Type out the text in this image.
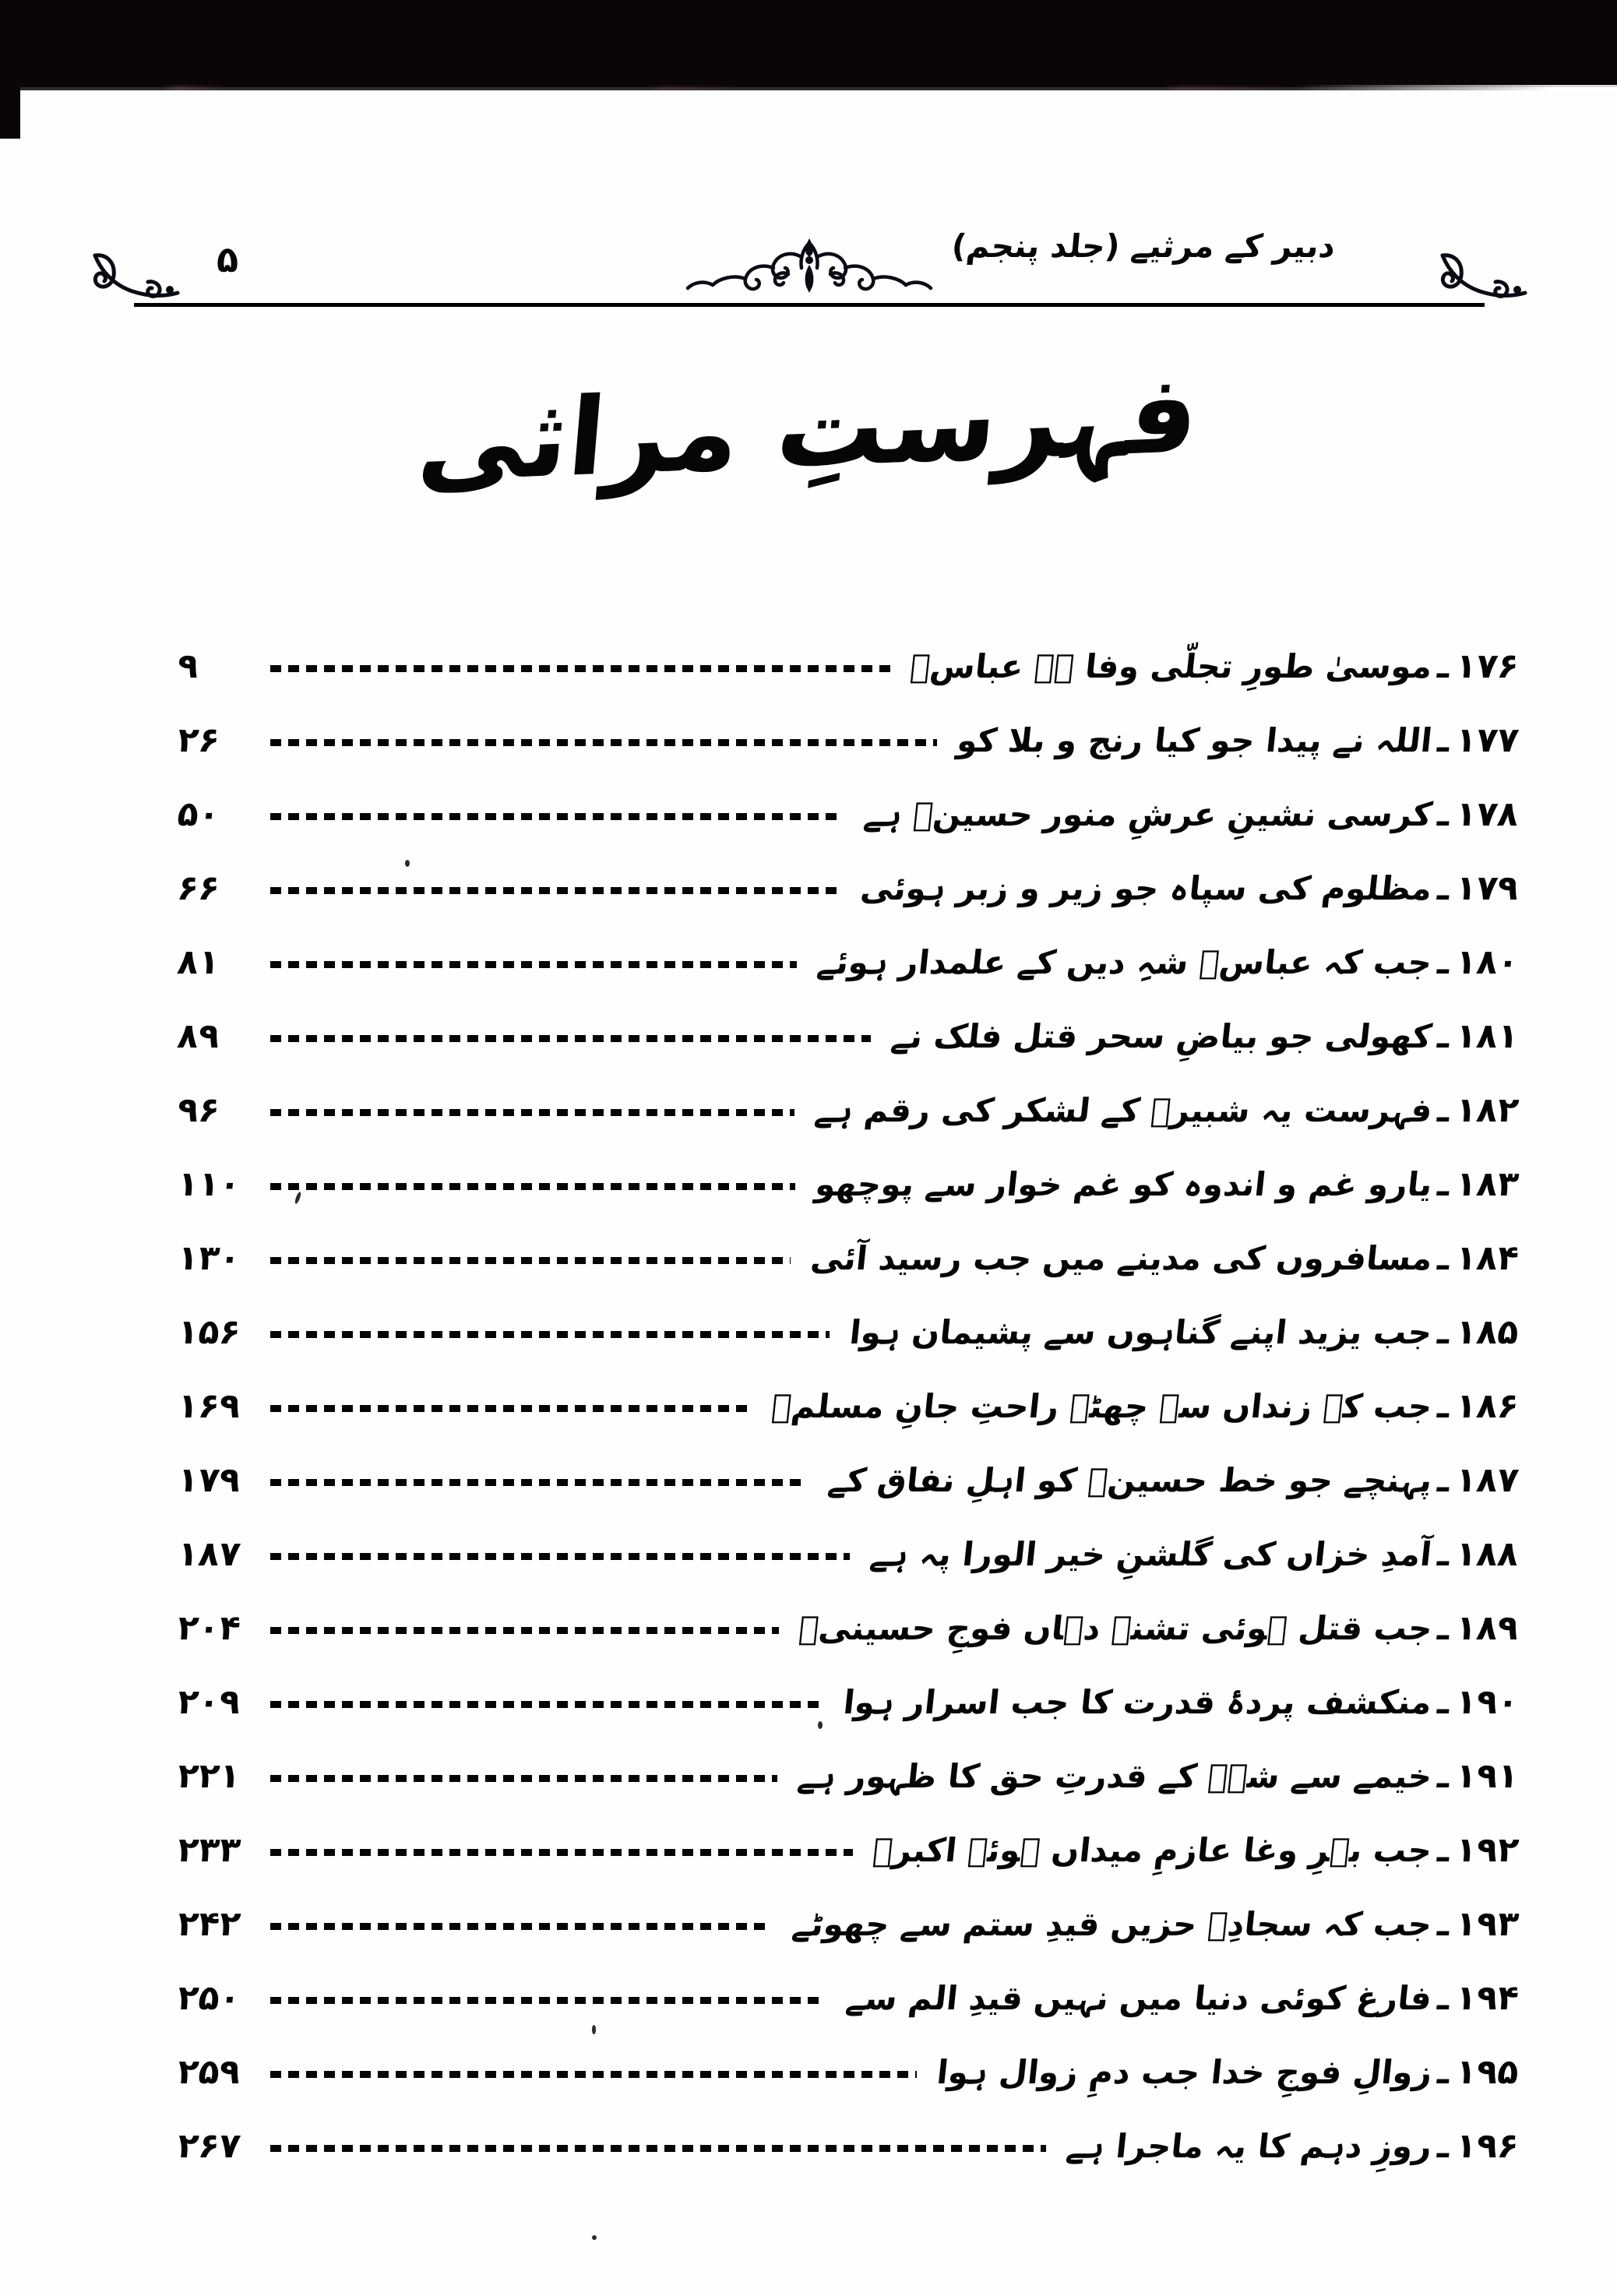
دبیر کے مرثیے (جلد پنجم)
۵
فہرستِ مراثی
۱۷۶
ـ
موسیٰ طورِ تجلّی وفا ہے عباسؑ
۹
۱۷۷
ـ
اللہ نے پیدا جو کیا رنج و بلا کو
۲۶
۱۷۸
ـ
کرسی نشینِ عرشِ منور حسینؑ ہے
۵۰
۱۷۹
ـ
مظلوم کی سپاہ جو زیر و زبر ہوئی
۶۶
۱۸۰
ـ
جب کہ عباسؑ شہِ دیں کے علمدار ہوئے
۸۱
۱۸۱
ـ
کھولی جو بیاضِ سحر قتل فلک نے
۸۹
۱۸۲
ـ
فہرست یہ شبیرؑ کے لشکر کی رقم ہے
۹۶
۱۸۳
ـ
یارو غم و اندوہ کو غم خوار سے پوچھو
۱۱۰
۱۸۴
ـ
مسافروں کی مدینے میں جب رسید آئی
۱۳۰
۱۸۵
ـ
جب یزید اپنے گناہوں سے پشیمان ہوا
۱۵۶
۱۸۶
ـ
جب کہ زنداں سے چھٹے راحتِ جانِ مسلمؑ
۱۶۹
۱۸۷
ـ
پہنچے جو خط حسینؑ کو اہلِ نفاق کے
۱۷۹
۱۸۸
ـ
آمدِ خزاں کی گلشنِ خیر الورا پہ ہے
۱۸۷
۱۸۹
ـ
جب قتل ہوئی تشنہ دہاں فوجِ حسینیؑ
۲۰۴
۱۹۰
ـ
منکشف پردۂ قدرت کا جب اسرار ہوا
۲۰۹
۱۹۱
ـ
خیمے سے شہؑ کے قدرتِ حق کا ظہور ہے
۲۲۱
۱۹۲
ـ
جب بہرِ وغا عازمِ میداں ہوئے اکبرؑ
۲۳۳
۱۹۳
ـ
جب کہ سجادِؑ حزیں قیدِ ستم سے چھوٹے
۲۴۲
۱۹۴
ـ
فارغ کوئی دنیا میں نہیں قیدِ الم سے
۲۵۰
۱۹۵
ـ
زوالِ فوجِ خدا جب دمِ زوال ہوا
۲۵۹
۱۹۶
ـ
روزِ دہم کا یہ ماجرا ہے
۲۶۷
